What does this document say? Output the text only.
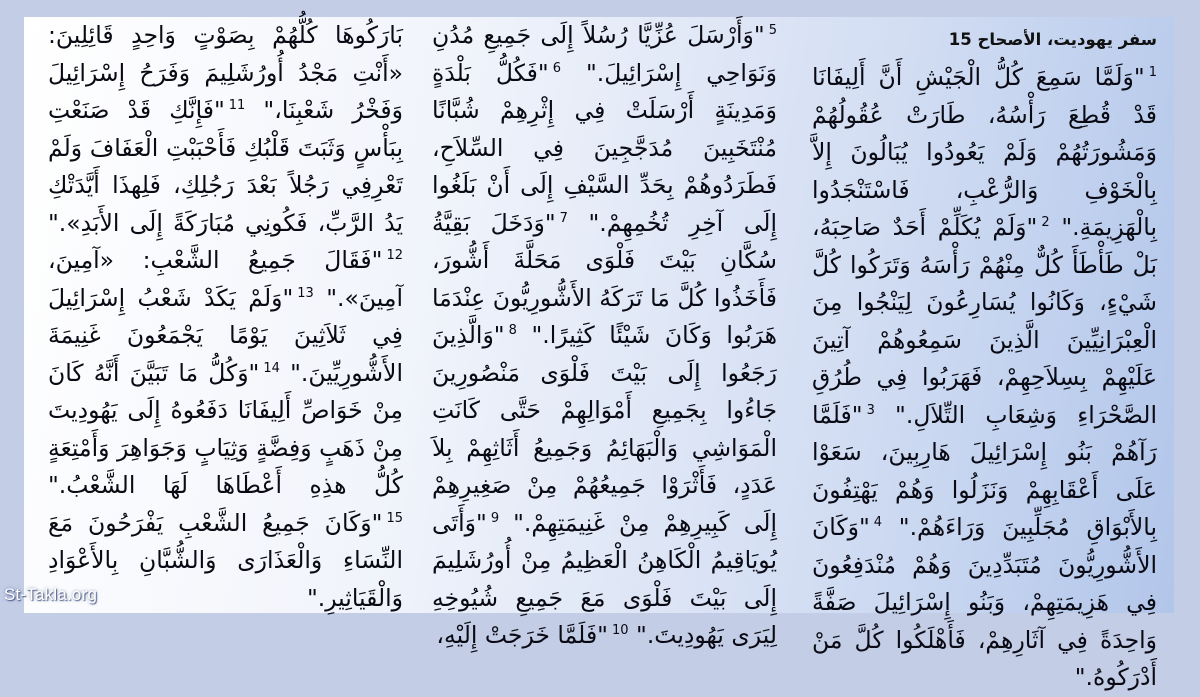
سفر يهوديت، الأصحاح 15
$^1$"وَلَمَّا سَمِعَ كُلُّ الْجَيْشِ أَنَّ أَلِيفَانَا قَدْ قُطِعَ رَأْسُهُ، طَارَتْ عُقُولُهُمْ وَمَشُورَتُهُمْ وَلَمْ يَعُودُوا يُبَالُونَ إِلاَّ بِالْخَوْفِ وَالرُّعْبِ، فَاسْتَنْجَدُوا بِالْهَزِيمَةِ." $^2$"وَلَمْ يُكَلِّمْ أَحَدٌ صَاحِبَهُ، بَلْ طَأْطَأَ كُلٌّ مِنْهُمْ رَأْسَهُ وَتَرَكُوا كُلَّ شَيْءٍ، وَكَانُوا يُسَارِعُونَ لِيَنْجُوا مِنَ الْعِبْرَانِيِّينَ الَّذِينَ سَمِعُوهُمْ آتِينَ عَلَيْهِمْ بِسِلاَحِهِمْ، فَهَرَبُوا فِي طُرُقِ الصَّحْرَاءِ وَشِعَابِ التِّلاَلِ." $^3$"فَلَمَّا رَآهُمْ بَنُو إِسْرَائِيلَ هَارِبِينَ، سَعَوْا عَلَى أَعْقَابِهِمْ وَنَزَلُوا وَهُمْ يَهْتِفُونَ بِالأَبْوَاقِ مُجَلِّبِينَ وَرَاءَهُمْ." $^4$"وَكَانَ الأَشُّورِيُّونَ مُتَبَدِّدِينَ وَهُمْ مُنْدَفِعُونَ فِي هَزِيمَتِهِمْ، وَبَنُو إِسْرَائِيلَ صَفَّةً وَاحِدَةً فِي آثَارِهِمْ، فَأَهْلَكُوا كُلَّ مَنْ أَدْرَكُوهُ."
$^5$"وَأَرْسَلَ عُزِّيَّا رُسُلاً إِلَى جَمِيعِ مُدُنِ وَنَوَاحِي إِسْرَائِيلَ." $^6$"فَكُلُّ بَلْدَةٍ وَمَدِينَةٍ أَرْسَلَتْ فِي إِثْرِهِمْ شُبَّانًا مُنْتَخَبِينَ مُدَجَّجِينَ فِي السِّلاَحِ، فَطَرَدُوهُمْ بِحَدِّ السَّيْفِ إِلَى أَنْ بَلَغُوا إِلَى آخِرِ تُخُمِهِمْ." $^7$"وَدَخَلَ بَقِيَّةُ سُكَّانِ بَيْتَ فَلْوَى مَحَلَّةَ أَشُّورَ، فَأَخَذُوا كُلَّ مَا تَرَكَهُ الأَشُّورِيُّونَ عِنْدَمَا هَرَبُوا وَكَانَ شَيْئًا كَثِيرًا." $^8$"وَالَّذِينَ رَجَعُوا إِلَى بَيْتَ فَلْوَى مَنْصُورِينَ جَاءُوا بِجَمِيعِ أَمْوَالِهِمْ حَتَّى كَانَتِ الْمَوَاشِي وَالْبَهَائِمُ وَجَمِيعُ أَثَاثِهِمْ بِلاَ عَدَدٍ، فَأَثْرَوْا جَمِيعُهُمْ مِنْ صَغِيرِهِمْ إِلَى كَبِيرِهِمْ مِنْ غَنِيمَتِهِمْ." $^9$"وَأَتَى يُويَاقِيمُ الْكَاهِنُ الْعَظِيمُ مِنْ أُورُشَلِيمَ إِلَى بَيْتَ فَلْوَى مَعَ جَمِيعِ شُيُوخِهِ لِيَرَى يَهُودِيتَ." $^{10}$"فَلَمَّا خَرَجَتْ إِلَيْهِ،
بَارَكُوهَا كُلُّهُمْ بِصَوْتٍ وَاحِدٍ قَائِلِينَ: «أَنْتِ مَجْدُ أُورُشَلِيمَ وَفَرَحُ إِسْرَائِيلَ وَفَخْرُ شَعْبِنَا،" $^{11}$"فَإِنَّكِ قَدْ صَنَعْتِ بِبَأْسٍ وَثَبَتَ قَلْبُكِ فَأَحْبَبْتِ الْعَفَافَ وَلَمْ تَعْرِفِي رَجُلاً بَعْدَ رَجُلِكِ، فَلِهذَا أَيَّدَتْكِ يَدُ الرَّبِّ، فَكُونِي مُبَارَكَةً إِلَى الأَبَدِ»." $^{12}$"فَقَالَ جَمِيعُ الشَّعْبِ: «آمِينَ، آمِينَ»." $^{13}$"وَلَمْ يَكَدْ شَعْبُ إِسْرَائِيلَ فِي ثَلاَثِينَ يَوْمًا يَجْمَعُونَ غَنِيمَةَ الأَشُّورِيِّينَ." $^{14}$"وَكُلُّ مَا تَبَيَّنَ أَنَّهُ كَانَ مِنْ خَوَاصِّ أَلِيفَانَا دَفَعُوهُ إِلَى يَهُودِيتَ مِنْ ذَهَبٍ وَفِضَّةٍ وَثِيَابٍ وَجَوَاهِرَ وَأَمْتِعَةٍ كُلُّ هذِهِ أَعْطَاهَا لَهَا الشَّعْبُ." $^{15}$"وَكَانَ جَمِيعُ الشَّعْبِ يَفْرَحُونَ مَعَ النِّسَاءِ وَالْعَذَارَى وَالشُّبَّانِ بِالأَعْوَادِ وَالْقَيَاثِيرِ."
St-Takla.org
